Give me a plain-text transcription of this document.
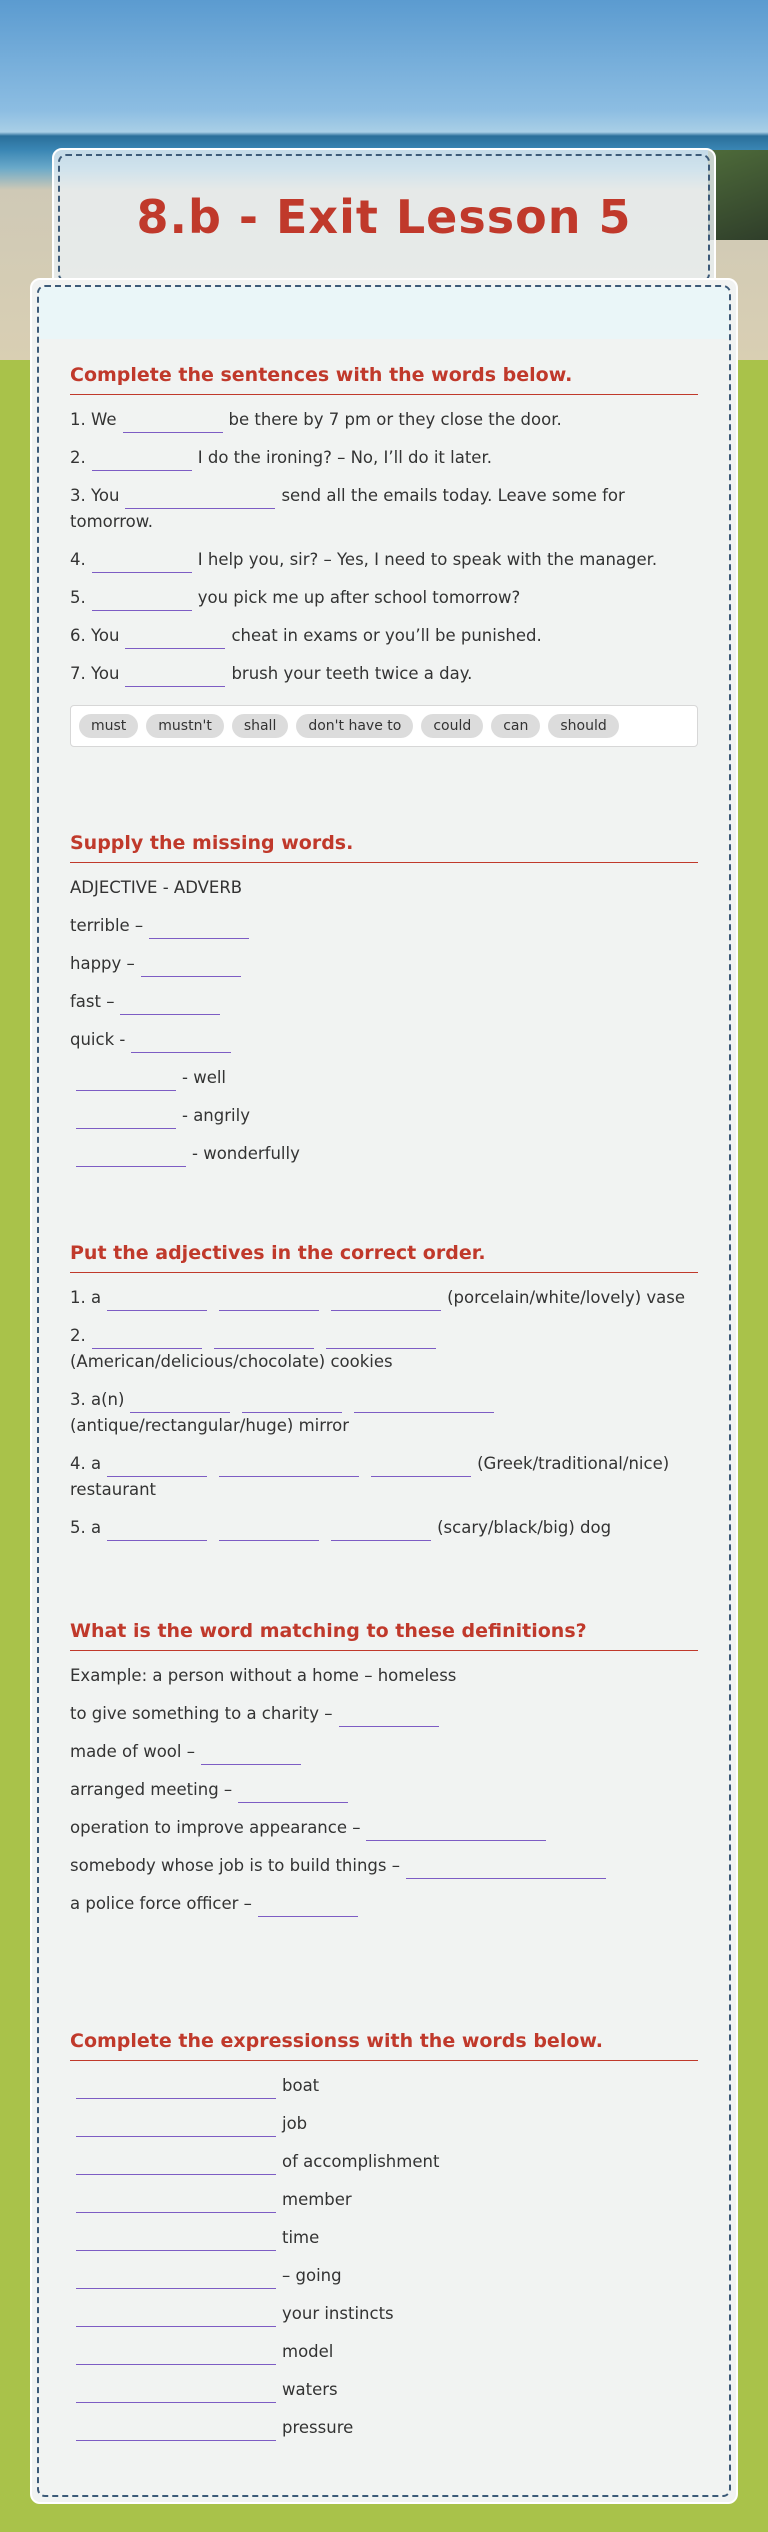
8.b - Exit Lesson 5
Complete the sentences with the words below.
1. We	be there by 7 pm or they close the door.
2.	I do the ironing? – No, I’ll do it later.
3. You	send all the emails today. Leave some for tomorrow.
4.	I help you, sir? – Yes, I need to speak with the manager.
5.	you pick me up after school tomorrow?
6. You	cheat in exams or you’ll be punished.
7. You	brush your teeth twice a day.
must	mustn't	shall	don't have to	could	can	should
Supply the missing words.
ADJECTIVE - ADVERB
terrible –
happy –
fast –
quick -
- well
- angrily
- wonderfully
Put the adjectives in the correct order.
1. a	(porcelain/white/lovely) vase
2.
(American/delicious/chocolate) cookies
3. a(n)
(antique/rectangular/huge) mirror
4. a	(Greek/traditional/nice) restaurant
5. a	(scary/black/big) dog
What is the word matching to these definitions?
Example: a person without a home – homeless
to give something to a charity –
made of wool –
arranged meeting –
operation to improve appearance –
somebody whose job is to build things –
a police force officer –
Complete the expressionss with the words below.
boat
job
of accomplishment
member
time
– going
your instincts
model
waters
pressure
